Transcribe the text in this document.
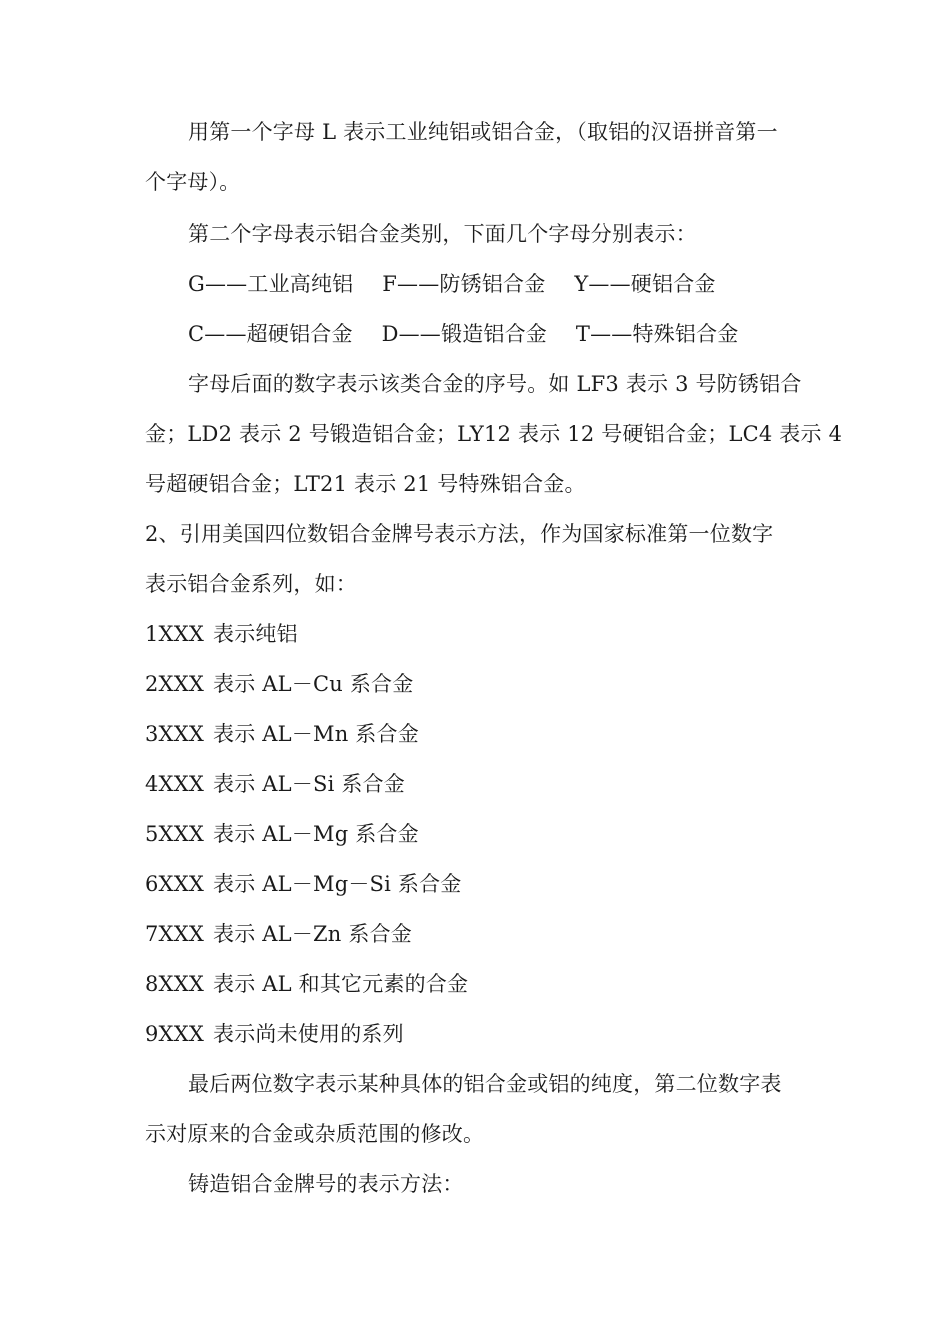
用第一个字母 L 表示工业纯铝或铝合金，（取铝的汉语拼音第一
个字母）。
第二个字母表示铝合金类别，下面几个字母分别表示：
G——工业高纯铝 F——防锈铝合金 Y——硬铝合金
C——超硬铝合金 D——锻造铝合金 T——特殊铝合金
字母后面的数字表示该类合金的序号。如 LF3 表示 3 号防锈铝合
金；LD2 表示 2 号锻造铝合金；LY12 表示 12 号硬铝合金；LC4 表示 4
号超硬铝合金；LT21 表示 21 号特殊铝合金。
2、引用美国四位数铝合金牌号表示方法，作为国家标准第一位数字
表示铝合金系列，如：
1XXX 表示纯铝
2XXX 表示 AL－Cu 系合金
3XXX 表示 AL－Mn 系合金
4XXX 表示 AL－Si 系合金
5XXX 表示 AL－Mg 系合金
6XXX 表示 AL－Mg－Si 系合金
7XXX 表示 AL－Zn 系合金
8XXX 表示 AL 和其它元素的合金
9XXX 表示尚未使用的系列
最后两位数字表示某种具体的铝合金或铝的纯度，第二位数字表
示对原来的合金或杂质范围的修改。
铸造铝合金牌号的表示方法：
